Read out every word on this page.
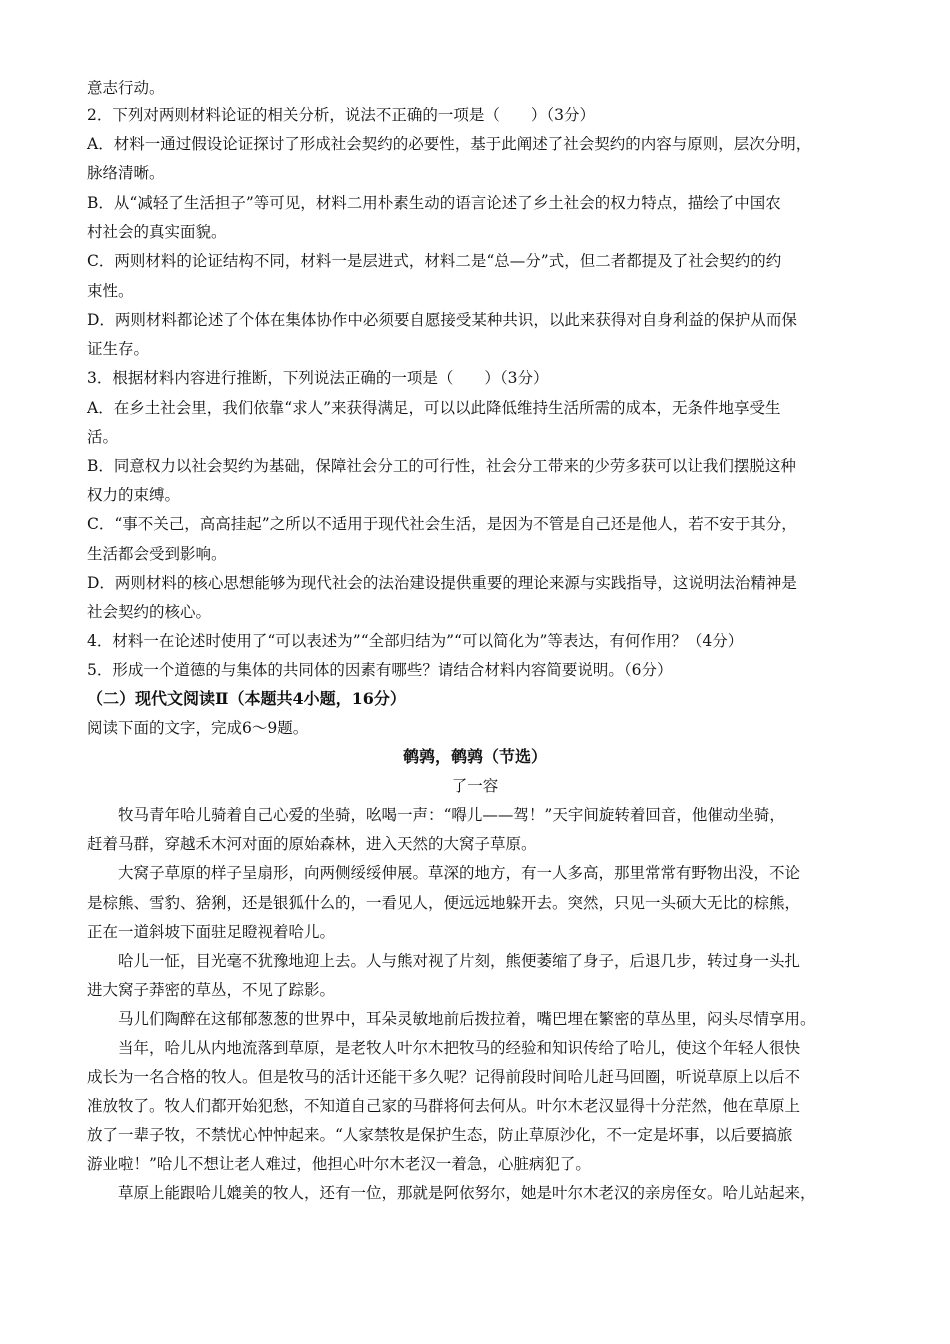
意志行动。
2．下列对两则材料论证的相关分析，说法不正确的一项是（　　）（3分）
A．材料一通过假设论证探讨了形成社会契约的必要性，基于此阐述了社会契约的内容与原则，层次分明，
脉络清晰。
B．从“减轻了生活担子”等可见，材料二用朴素生动的语言论述了乡土社会的权力特点，描绘了中国农
村社会的真实面貌。
C．两则材料的论证结构不同，材料一是层进式，材料二是“总—分”式，但二者都提及了社会契约的约
束性。
D．两则材料都论述了个体在集体协作中必须要自愿接受某种共识，以此来获得对自身利益的保护从而保
证生存。
3．根据材料内容进行推断，下列说法正确的一项是（　　）（3分）
A．在乡土社会里，我们依靠“求人”来获得满足，可以以此降低维持生活所需的成本，无条件地享受生
活。
B．同意权力以社会契约为基础，保障社会分工的可行性，社会分工带来的少劳多获可以让我们摆脱这种
权力的束缚。
C．“事不关己，高高挂起”之所以不适用于现代社会生活，是因为不管是自己还是他人，若不安于其分，
生活都会受到影响。
D．两则材料的核心思想能够为现代社会的法治建设提供重要的理论来源与实践指导，这说明法治精神是
社会契约的核心。
4．材料一在论述时使用了“可以表述为”“全部归结为”“可以简化为”等表达，有何作用？（4分）
5．形成一个道德的与集体的共同体的因素有哪些？请结合材料内容简要说明。（6分）
（二）现代文阅读Ⅱ（本题共4小题，16分）
阅读下面的文字，完成6～9题。
鹌鹑，鹌鹑（节选）
了一容
牧马青年哈儿骑着自己心爱的坐骑，吆喝一声：“嘚儿——驾！”天宇间旋转着回音，他催动坐骑，
赶着马群，穿越禾木河对面的原始森林，进入天然的大窝子草原。
大窝子草原的样子呈扇形，向两侧绥绥伸展。草深的地方，有一人多高，那里常常有野物出没，不论
是棕熊、雪豹、猞猁，还是银狐什么的，一看见人，便远远地躲开去。突然，只见一头硕大无比的棕熊，
正在一道斜坡下面驻足瞪视着哈儿。
哈儿一怔，目光毫不犹豫地迎上去。人与熊对视了片刻，熊便萎缩了身子，后退几步，转过身一头扎
进大窝子莽密的草丛，不见了踪影。
马儿们陶醉在这郁郁葱葱的世界中，耳朵灵敏地前后拨拉着，嘴巴埋在繁密的草丛里，闷头尽情享用。
当年，哈儿从内地流落到草原，是老牧人叶尔木把牧马的经验和知识传给了哈儿，使这个年轻人很快
成长为一名合格的牧人。但是牧马的活计还能干多久呢？记得前段时间哈儿赶马回圈，听说草原上以后不
准放牧了。牧人们都开始犯愁，不知道自己家的马群将何去何从。叶尔木老汉显得十分茫然，他在草原上
放了一辈子牧，不禁忧心忡忡起来。“人家禁牧是保护生态，防止草原沙化，不一定是坏事，以后要搞旅
游业啦！”哈儿不想让老人难过，他担心叶尔木老汉一着急，心脏病犯了。
草原上能跟哈儿媲美的牧人，还有一位，那就是阿依努尔，她是叶尔木老汉的亲房侄女。哈儿站起来，
